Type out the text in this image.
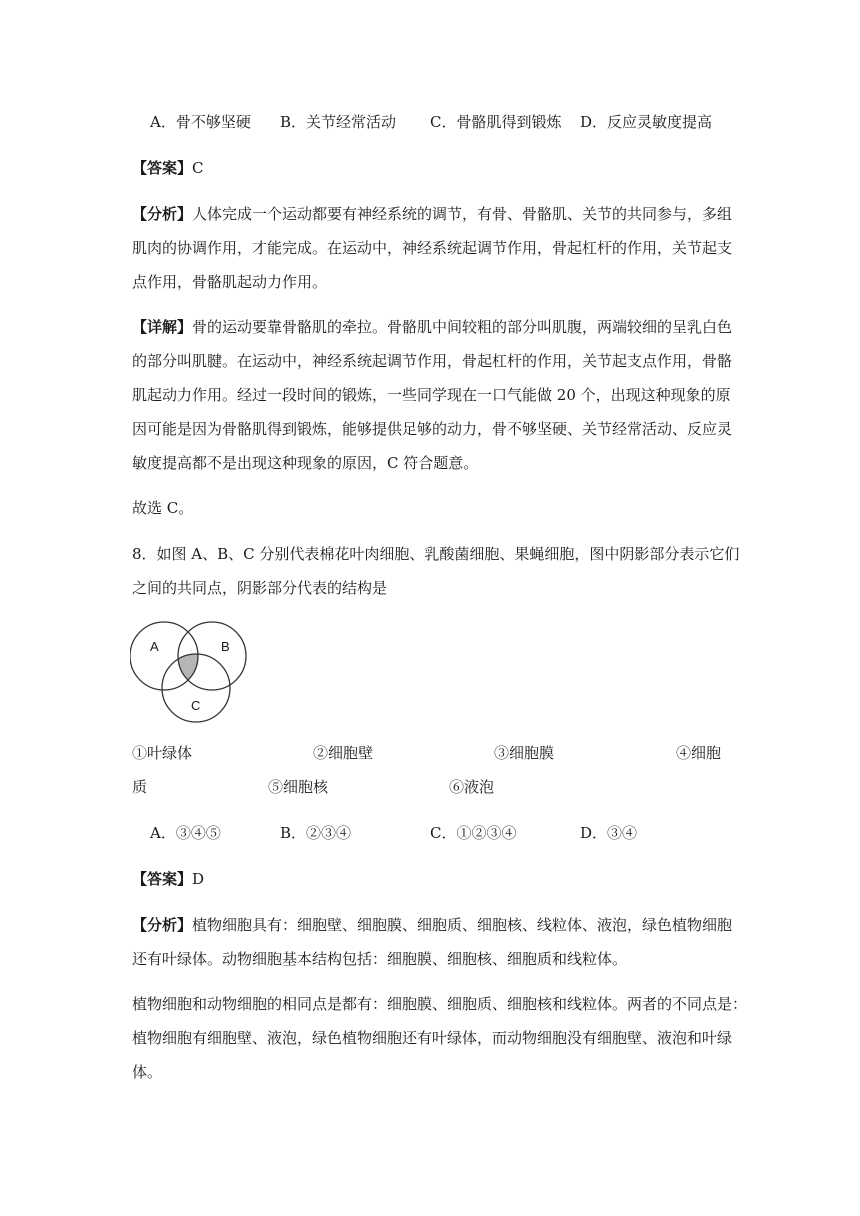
A．骨不够坚硬 B．关节经常活动 C．骨骼肌得到锻炼 D．反应灵敏度提高
【答案】C
【分析】人体完成一个运动都要有神经系统的调节，有骨、骨骼肌、关节的共同参与，多组
肌肉的协调作用，才能完成。在运动中，神经系统起调节作用，骨起杠杆的作用，关节起支
点作用，骨骼肌起动力作用。
【详解】骨的运动要靠骨骼肌的牵拉。骨骼肌中间较粗的部分叫肌腹，两端较细的呈乳白色
的部分叫肌腱。在运动中，神经系统起调节作用，骨起杠杆的作用，关节起支点作用，骨骼
肌起动力作用。经过一段时间的锻炼，一些同学现在一口气能做 20 个，出现这种现象的原
因可能是因为骨骼肌得到锻炼，能够提供足够的动力，骨不够坚硬、关节经常活动、反应灵
敏度提高都不是出现这种现象的原因，C 符合题意。
故选 C。
8．如图 A、B、C 分别代表棉花叶肉细胞、乳酸菌细胞、果蝇细胞，图中阴影部分表示它们
之间的共同点，阴影部分代表的结构是
A	B
C
①叶绿体	②细胞壁	③细胞膜	④细胞
质	⑤细胞核	⑥液泡
A．③④⑤	B．②③④	C．①②③④	D．③④
【答案】D
【分析】植物细胞具有：细胞壁、细胞膜、细胞质、细胞核、线粒体、液泡，绿色植物细胞
还有叶绿体。动物细胞基本结构包括：细胞膜、细胞核、细胞质和线粒体。
植物细胞和动物细胞的相同点是都有：细胞膜、细胞质、细胞核和线粒体。两者的不同点是：
植物细胞有细胞壁、液泡，绿色植物细胞还有叶绿体，而动物细胞没有细胞壁、液泡和叶绿
体。
